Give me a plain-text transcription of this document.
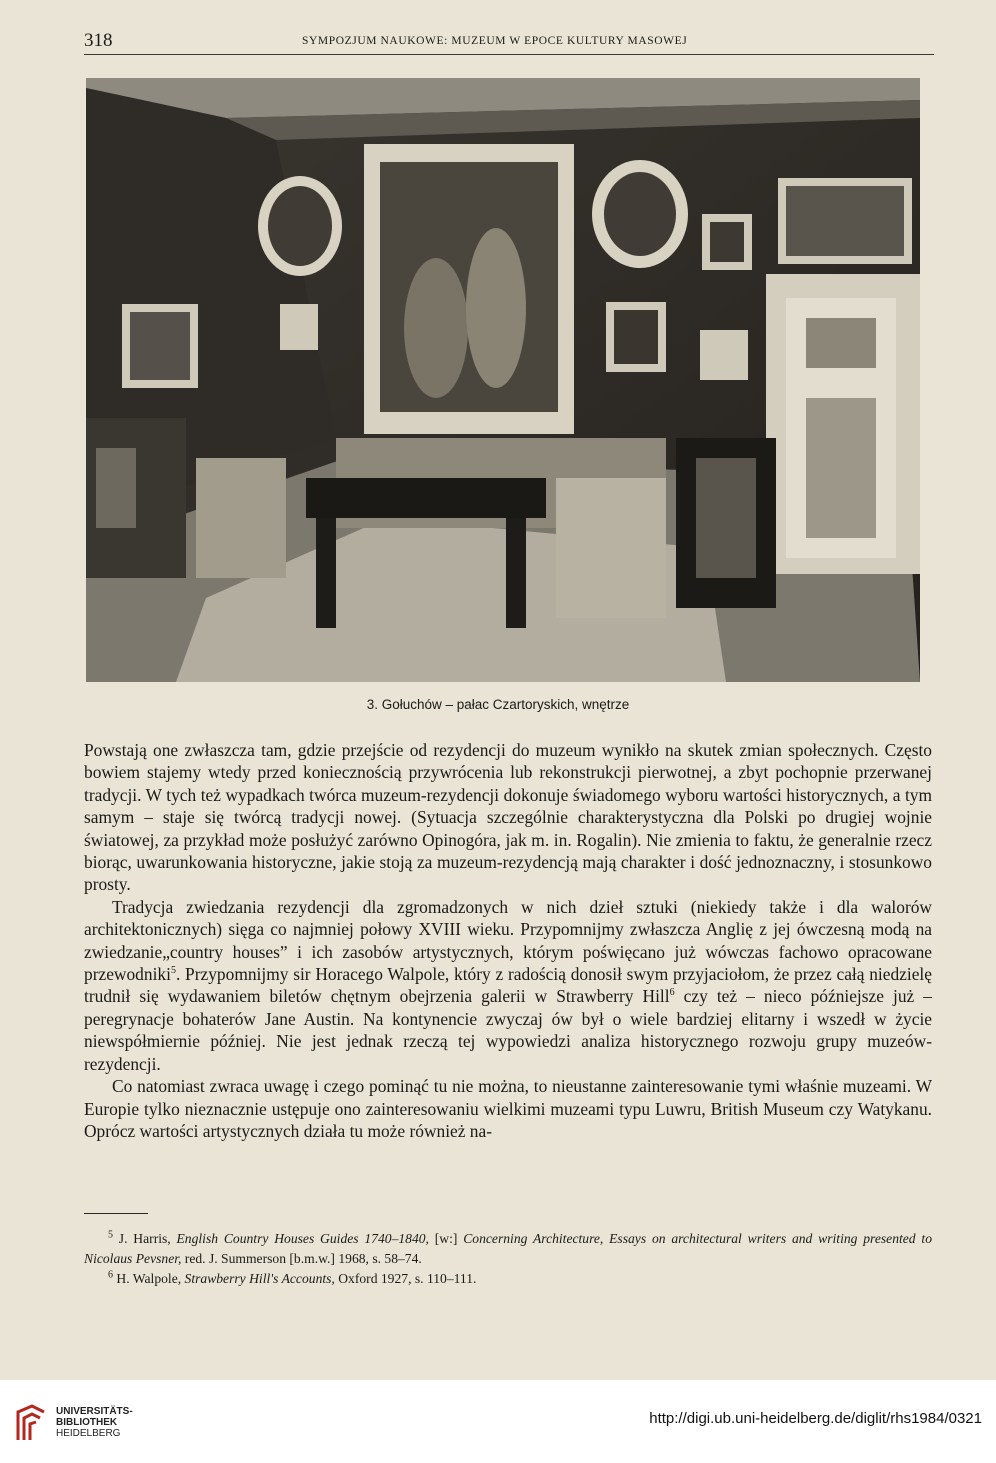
318	SYMPOZJUM NAUKOWE: MUZEUM W EPOCE KULTURY MASOWEJ
3. Gołuchów – pałac Czartoryskich, wnętrze

Powstają one zwłaszcza tam, gdzie przejście od rezydencji do muzeum wynikło na skutek zmian społecznych. Często bowiem stajemy wtedy przed koniecznością przywrócenia lub rekonstrukcji pierwotnej, a zbyt pochopnie przerwanej tradycji. W tych też wypadkach twórca muzeum-rezydencji dokonuje świadomego wyboru wartości historycznych, a tym samym – staje się twórcą tradycji nowej. (Sytuacja szczególnie charakterystyczna dla Polski po drugiej wojnie światowej, za przykład może posłużyć zarówno Opinogóra, jak m. in. Rogalin). Nie zmienia to faktu, że generalnie rzecz biorąc, uwarunkowania historyczne, jakie stoją za muzeum-rezydencją mają charakter i dość jednoznaczny, i stosunkowo prosty.

Tradycja zwiedzania rezydencji dla zgromadzonych w nich dzieł sztuki (niekiedy także i dla walorów architektonicznych) sięga co najmniej połowy XVIII wieku. Przypomnijmy zwłaszcza Anglię z jej ówczesną modą na zwiedzanie„country houses” i ich zasobów artystycznych, którym poświęcano już wówczas fachowo opracowane przewodniki$^5$. Przypomnijmy sir Horacego Walpole, który z radością donosił swym przyjaciołom, że przez całą niedzielę trudnił się wydawaniem biletów chętnym obejrzenia galerii w Strawberry Hill$^6$ czy też – nieco późniejsze już – peregrynacje bohaterów Jane Austin. Na kontynencie zwyczaj ów był o wiele bardziej elitarny i wszedł w życie niewspółmiernie później. Nie jest jednak rzeczą tej wypowiedzi analiza historycznego rozwoju grupy muzeów-rezydencji.

Co natomiast zwraca uwagę i czego pominąć tu nie można, to nieustanne zainteresowanie tymi właśnie muzeami. W Europie tylko nieznacznie ustępuje ono zainteresowaniu wielkimi muzeami typu Luwru, British Museum czy Watykanu. Oprócz wartości artystycznych działa tu może również na-

$^5$ J. Harris, English Country Houses Guides 1740–1840, [w:] Concerning Architecture, Essays on architectural writers and writing presented to Nicolaus Pevsner, red. J. Summerson [b.m.w.] 1968, s. 58–74.

$^6$ H. Walpole, Strawberry Hill's Accounts, Oxford 1927, s. 110–111.

UNIVERSITÄTS-
BIBLIOTHEK
HEIDELBERG
http://digi.ub.uni-heidelberg.de/diglit/rhs1984/0321
